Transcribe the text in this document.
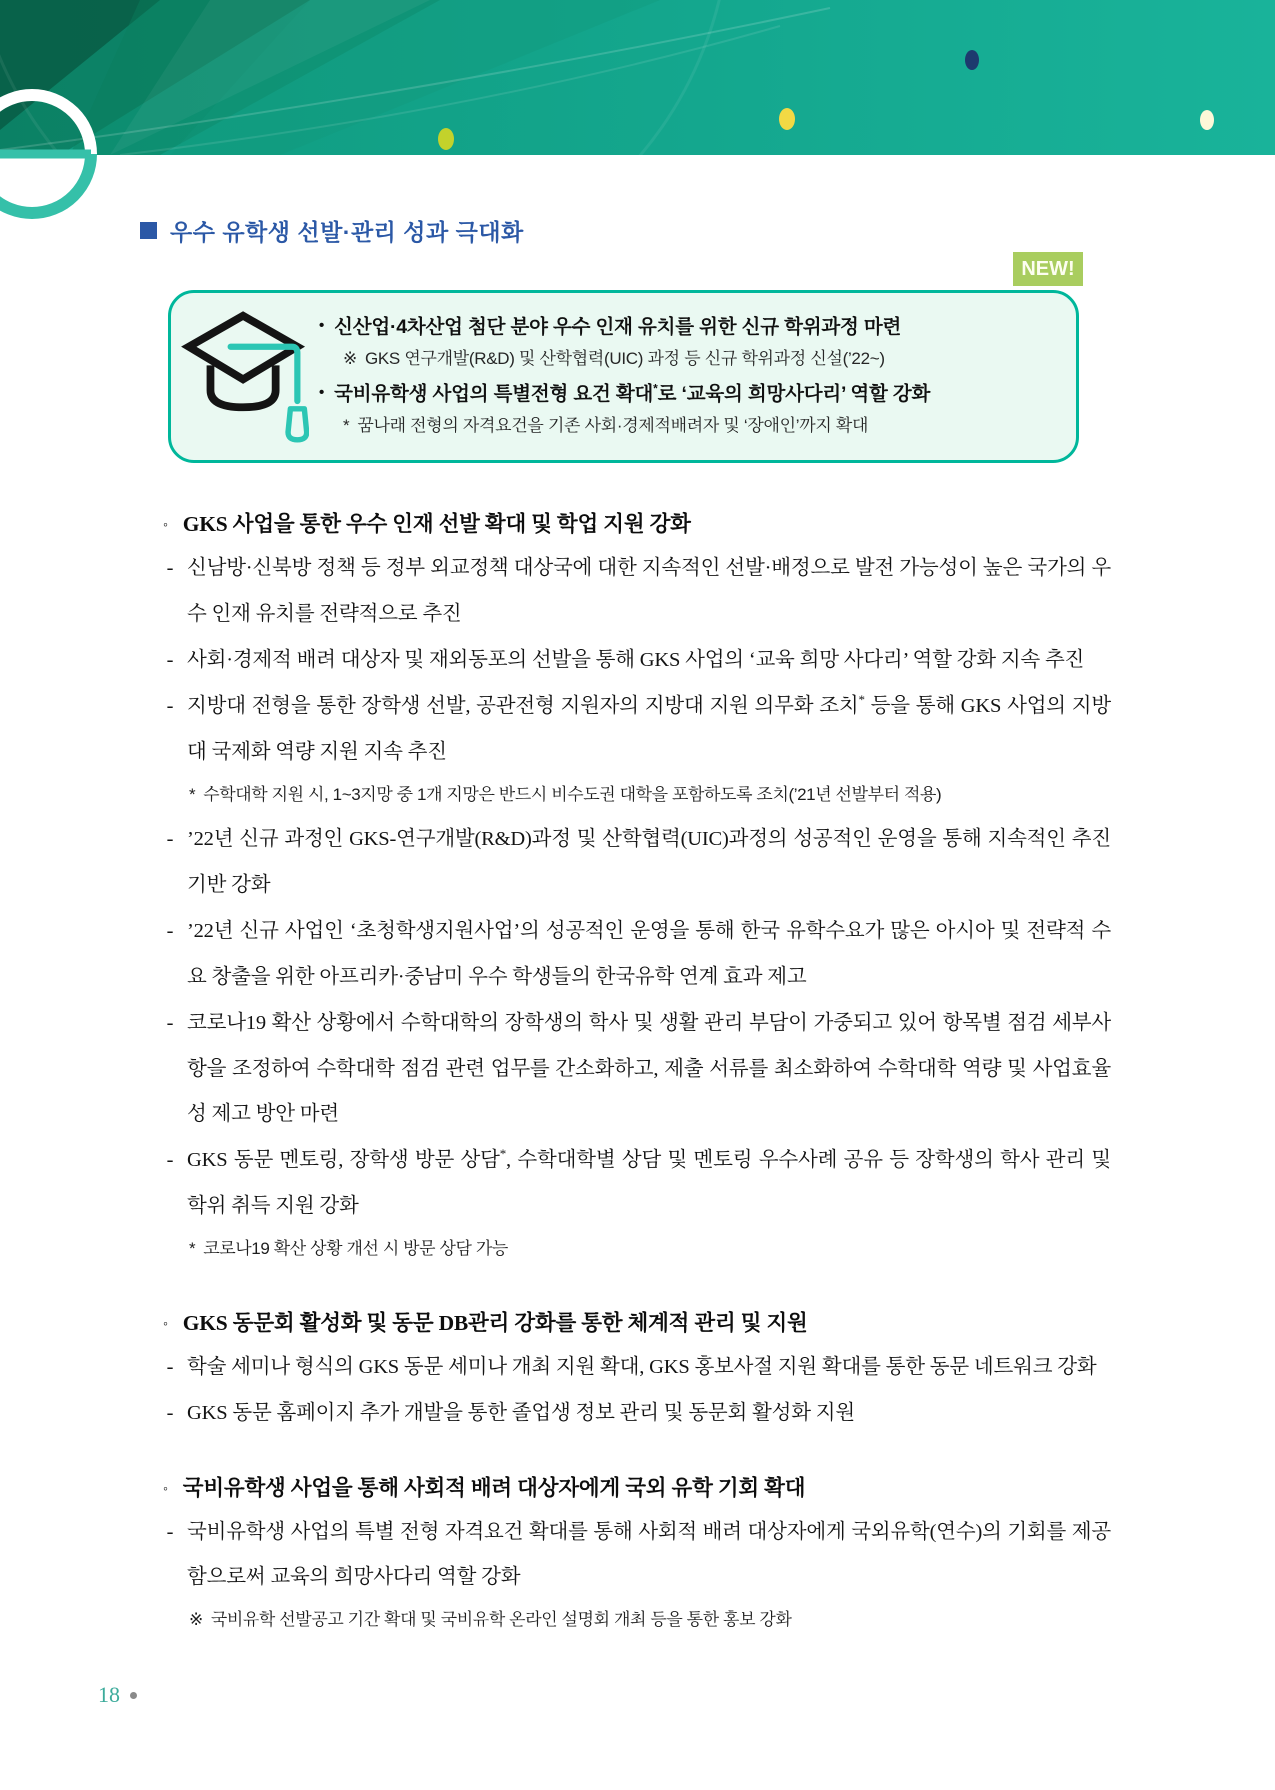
우수 유학생 선발·관리 성과 극대화
NEW!
• 신산업·4차산업 첨단 분야 우수 인재 유치를 위한 신규 학위과정 마련
※ GKS 연구개발(R&D) 및 산학협력(UIC) 과정 등 신규 학위과정 신설(’22~)
• 국비유학생 사업의 특별전형 요건 확대*로 ‘교육의 희망사다리’ 역할 강화
* 꿈나래 전형의 자격요건을 기존 사회·경제적배려자 및 ‘장애인’까지 확대
◦ GKS 사업을 통한 우수 인재 선발 확대 및 학업 지원 강화
- 신남방·신북방 정책 등 정부 외교정책 대상국에 대한 지속적인 선발·배정으로 발전 가능성이 높은 국가의 우수 인재 유치를 전략적으로 추진
- 사회·경제적 배려 대상자 및 재외동포의 선발을 통해 GKS 사업의 ‘교육 희망 사다리’ 역할 강화 지속 추진
- 지방대 전형을 통한 장학생 선발, 공관전형 지원자의 지방대 지원 의무화 조치* 등을 통해 GKS 사업의 지방대 국제화 역량 지원 지속 추진
* 수학대학 지원 시, 1~3지망 중 1개 지망은 반드시 비수도권 대학을 포함하도록 조치(’21년 선발부터 적용)
- ’22년 신규 과정인 GKS-연구개발(R&D)과정 및 산학협력(UIC)과정의 성공적인 운영을 통해 지속적인 추진 기반 강화
- ’22년 신규 사업인 ‘초청학생지원사업’의 성공적인 운영을 통해 한국 유학수요가 많은 아시아 및 전략적 수요 창출을 위한 아프리카·중남미 우수 학생들의 한국유학 연계 효과 제고
- 코로나19 확산 상황에서 수학대학의 장학생의 학사 및 생활 관리 부담이 가중되고 있어 항목별 점검 세부사항을 조정하여 수학대학 점검 관련 업무를 간소화하고, 제출 서류를 최소화하여 수학대학 역량 및 사업효율성 제고 방안 마련
- GKS 동문 멘토링, 장학생 방문 상담*, 수학대학별 상담 및 멘토링 우수사례 공유 등 장학생의 학사 관리 및 학위 취득 지원 강화
* 코로나19 확산 상황 개선 시 방문 상담 가능
◦ GKS 동문회 활성화 및 동문 DB관리 강화를 통한 체계적 관리 및 지원
- 학술 세미나 형식의 GKS 동문 세미나 개최 지원 확대, GKS 홍보사절 지원 확대를 통한 동문 네트워크 강화
- GKS 동문 홈페이지 추가 개발을 통한 졸업생 정보 관리 및 동문회 활성화 지원
◦ 국비유학생 사업을 통해 사회적 배려 대상자에게 국외 유학 기회 확대
- 국비유학생 사업의 특별 전형 자격요건 확대를 통해 사회적 배려 대상자에게 국외유학(연수)의 기회를 제공함으로써 교육의 희망사다리 역할 강화
※ 국비유학 선발공고 기간 확대 및 국비유학 온라인 설명회 개최 등을 통한 홍보 강화
18
